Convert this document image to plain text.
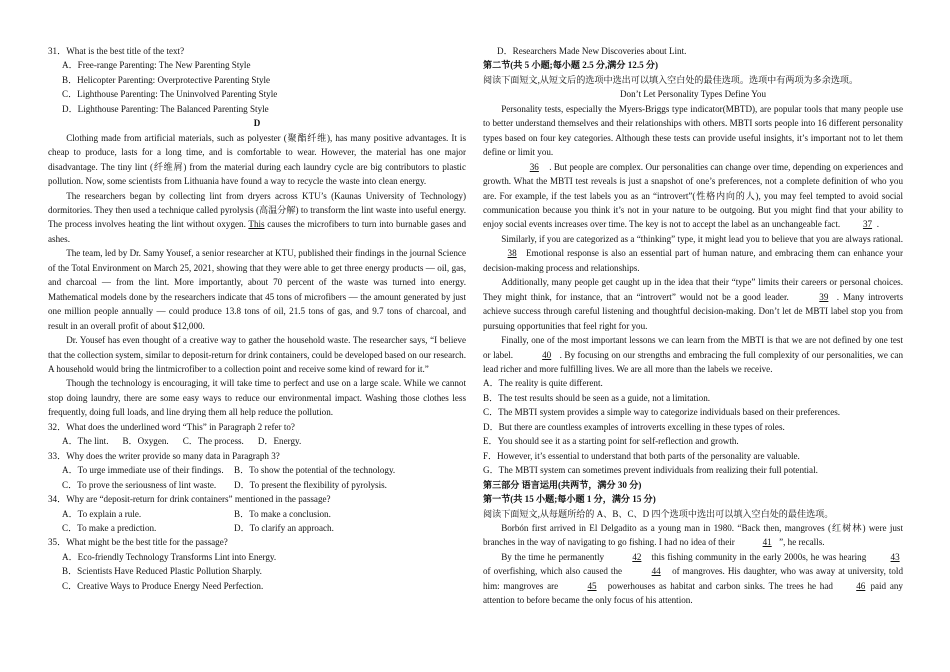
31．What is the best title of the text?

A．Free-range Parenting: The New Parenting Style

B．Helicopter Parenting: Overprotective Parenting Style

C．Lighthouse Parenting: The Uninvolved Parenting Style

D．Lighthouse Parenting: The Balanced Parenting Style

D

Clothing made from artificial materials, such as polyester (聚酯纤维), has many positive advantages. It is cheap to produce, lasts for a long time, and is comfortable to wear. However, the material has one major disadvantage. The tiny lint (纤维屑) from the material during each laundry cycle are big contributors to plastic pollution. Now, some scientists from Lithuania have found a way to recycle the waste into clean energy.

The researchers began by collecting lint from dryers across KTU’s (Kaunas University of Technology) dormitories. They then used a technique called pyrolysis (高温分解) to transform the lint waste into useful energy. The process involves heating the lint without oxygen. This causes the microfibers to turn into burnable gases and ashes.

The team, led by Dr. Samy Yousef, a senior researcher at KTU, published their findings in the journal Science of the Total Environment on March 25, 2021, showing that they were able to get three energy products — oil, gas, and charcoal — from the lint. More importantly, about 70 percent of the waste was turned into energy. Mathematical models done by the researchers indicate that 45 tons of microfibers — the amount generated by just one million people annually — could produce 13.8 tons of oil, 21.5 tons of gas, and 9.7 tons of charcoal, and result in an overall profit of about $12,000.

Dr. Yousef has even thought of a creative way to gather the household waste. The researcher says, “I believe that the collection system, similar to deposit-return for drink containers, could be developed based on our research. A household would bring the lintmicrofiber to a collection point and receive some kind of reward for it.”

Though the technology is encouraging, it will take time to perfect and use on a large scale. While we cannot stop doing laundry, there are some easy ways to reduce our environmental impact. Washing those clothes less frequently, doing full loads, and line drying them all help reduce the pollution.

32．What does the underlined word “This” in Paragraph 2 refer to?

A．The lint. B．Oxygen. C．The process. D．Energy.

33．Why does the writer provide so many data in Paragraph 3?

A．To urge immediate use of their findings.	B．To show the potential of the technology.

C．To prove the seriousness of lint waste.	D．To present the flexibility of pyrolysis.

34．Why are “deposit-return for drink containers” mentioned in the passage?

A．To explain a rule.	B．To make a conclusion.

C．To make a prediction.	D．To clarify an approach.

35．What might be the best title for the passage?

A．Eco-friendly Technology Transforms Lint into Energy.

B．Scientists Have Reduced Plastic Pollution Sharply.

C．Creative Ways to Produce Energy Need Perfection.

D．Researchers Made New Discoveries about Lint.

第二节(共 5 小题;每小题 2.5 分,满分 12.5 分)

阅读下面短文,从短文后的选项中选出可以填入空白处的最佳选项。选项中有两项为多余选项。

Don’t Let Personality Types Define You

Personality tests, especially the Myers-Briggs type indicator(MBTD), are popular tools that many people use to better understand themselves and their relationships with others. MBTI sorts people into 16 different personality types based on four key categories. Although these tests can provide useful insights, it’s important not to let them define or limit you.

36 . But people are complex. Our personalities can change over time, depending on experiences and growth. What the MBTI test reveals is just a snapshot of one’s preferences, not a complete definition of who you are. For example, if the test labels you as an “introvert”(性格内向的人), you may feel tempted to avoid social communication because you think it’s not in your nature to be outgoing. But you might find that your ability to enjoy social events increases over time. The key is not to accept the label as an unchangeable fact.	37 .

Similarly, if you are categorized as a “thinking” type, it might lead you to believe that you are always rational. 38 Emotional response is also an essential part of human nature, and embracing them can enhance your decision-making process and relationships.

Additionally, many people get caught up in the idea that their “type” limits their careers or personal choices. They might think, for instance, that an “introvert” would not be a good leader.	39 . Many introverts achieve success through careful listening and thoughtful decision-making. Don’t let de MBTI label stop you from pursuing opportunities that feel right for you.

Finally, one of the most important lessons we can learn from the MBTI is that we are not defined by one test or label.	40 . By focusing on our strengths and embracing the full complexity of our personalities, we can lead richer and more fulfilling lives. We are all more than the labels we receive.

A．The reality is quite different.

B．The test results should be seen as a guide, not a limitation.

C．The MBTI system provides a simple way to categorize individuals based on their preferences.

D．But there are countless examples of introverts excelling in these types of roles.

E．You should see it as a starting point for self-reflection and growth.

F．However, it’s essential to understand that both parts of the personality are valuable.

G．The MBTI system can sometimes prevent individuals from realizing their full potential.

第三部分 语言运用(共两节，满分 30 分)

第一节(共 15 小题;每小题 1 分，满分 15 分)

阅读下面短文,从每题所给的 A、B、C、D 四个选项中选出可以填入空白处的最佳选项。

Borbón first arrived in El Delgadito as a young man in 1980. “Back then, mangroves (红树林) were just branches in the way of navigating to go fishing. I had no idea of their	41 ”, he recalls.

By the time he permanently	42 this fishing community in the early 2000s, he was hearing	43 of overfishing, which also caused the	44 of mangroves. His daughter, who was away at university, told him: mangroves are	45 powerhouses as habitat and carbon sinks. The trees he had	46 paid any attention to before became the only focus of his attention.
